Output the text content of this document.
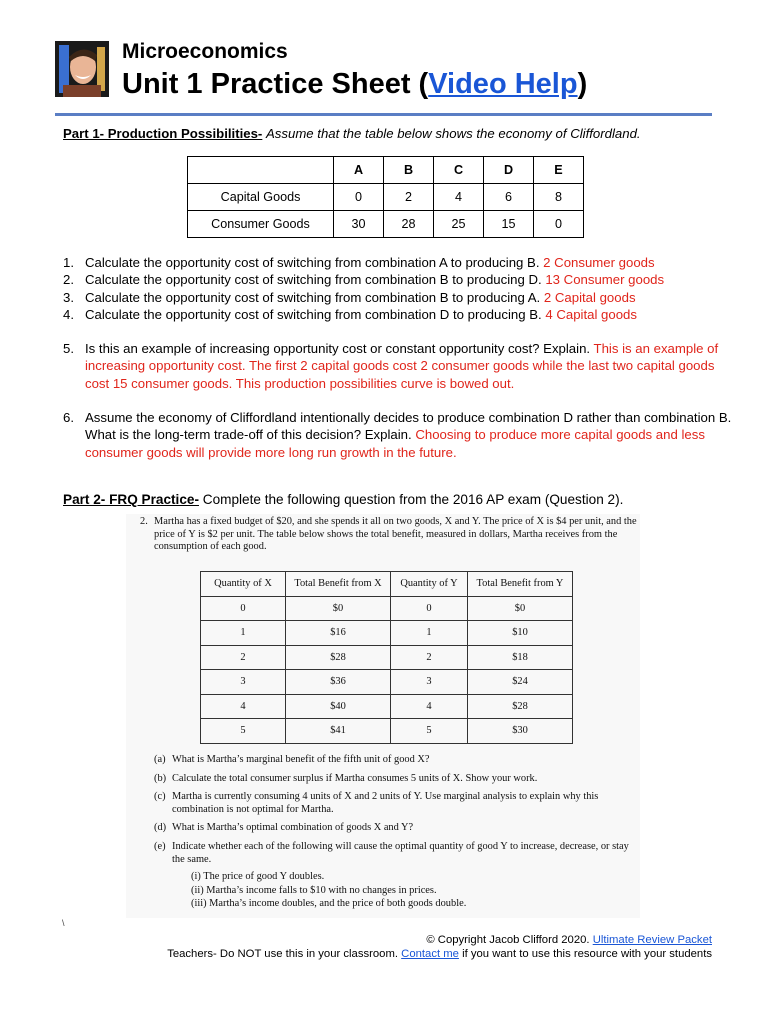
Microeconomics
Unit 1 Practice Sheet (Video Help)
Part 1- Production Possibilities- Assume that the table below shows the economy of Cliffordland.
	A	B	C	D	E
Capital Goods	0	2	4	6	8
Consumer Goods	30	28	25	15	0
1. Calculate the opportunity cost of switching from combination A to producing B. 2 Consumer goods
2. Calculate the opportunity cost of switching from combination B to producing D. 13 Consumer goods
3. Calculate the opportunity cost of switching from combination B to producing A. 2 Capital goods
4. Calculate the opportunity cost of switching from combination D to producing B. 4 Capital goods
5. Is this an example of increasing opportunity cost or constant opportunity cost? Explain. This is an example of increasing opportunity cost. The first 2 capital goods cost 2 consumer goods while the last two capital goods cost 15 consumer goods. This production possibilities curve is bowed out.
6. Assume the economy of Cliffordland intentionally decides to produce combination D rather than combination B. What is the long-term trade-off of this decision? Explain. Choosing to produce more capital goods and less consumer goods will provide more long run growth in the future.
Part 2- FRQ Practice- Complete the following question from the 2016 AP exam (Question 2).
2. Martha has a fixed budget of $20, and she spends it all on two goods, X and Y. The price of X is $4 per unit, and the price of Y is $2 per unit. The table below shows the total benefit, measured in dollars, Martha receives from the consumption of each good.
Quantity of X	Total Benefit from X	Quantity of Y	Total Benefit from Y
0	$0	0	$0
1	$16	1	$10
2	$28	2	$18
3	$36	3	$24
4	$40	4	$28
5	$41	5	$30
(a) What is Martha’s marginal benefit of the fifth unit of good X?
(b) Calculate the total consumer surplus if Martha consumes 5 units of X. Show your work.
(c) Martha is currently consuming 4 units of X and 2 units of Y. Use marginal analysis to explain why this combination is not optimal for Martha.
(d) What is Martha’s optimal combination of goods X and Y?
(e) Indicate whether each of the following will cause the optimal quantity of good Y to increase, decrease, or stay the same.
(i) The price of good Y doubles.
(ii) Martha’s income falls to $10 with no changes in prices.
(iii) Martha’s income doubles, and the price of both goods double.
\
© Copyright Jacob Clifford 2020. Ultimate Review Packet
Teachers- Do NOT use this in your classroom. Contact me if you want to use this resource with your students
